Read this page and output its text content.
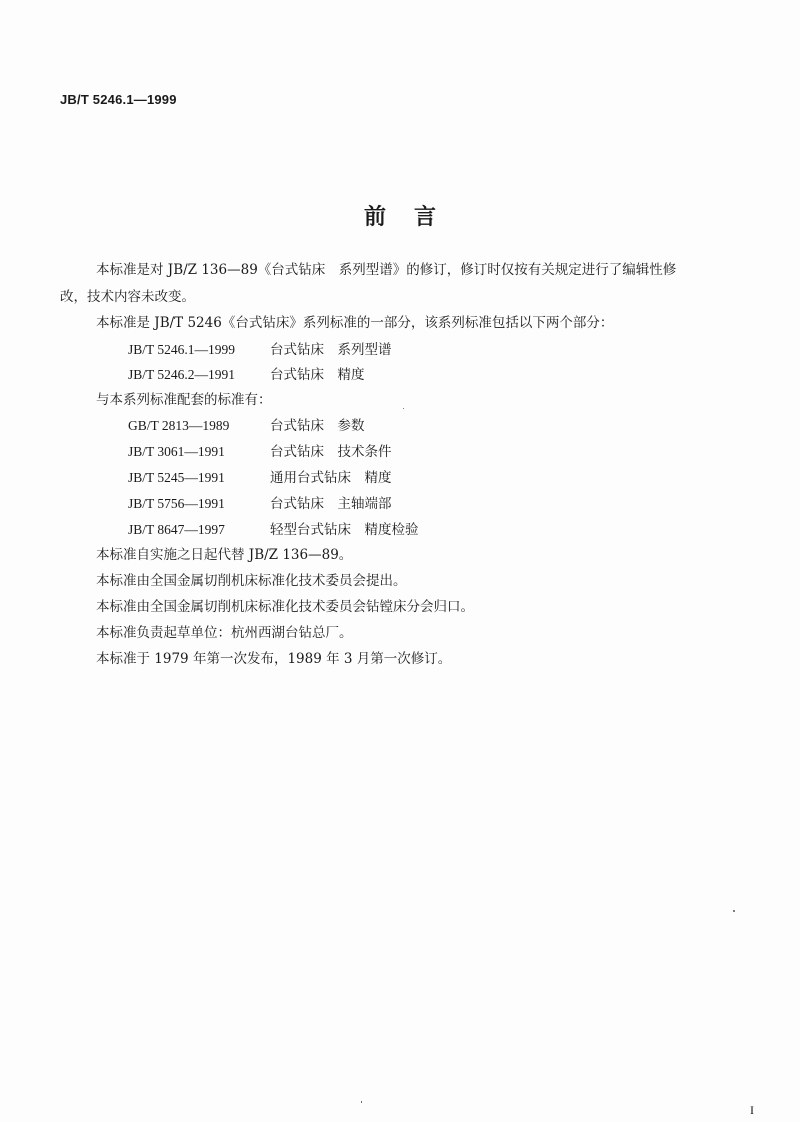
JB/T 5246.1—1999
前言
本标准是对 JB/Z 136—89《台式钻床　系列型谱》的修订，修订时仅按有关规定进行了编辑性修
改，技术内容未改变。
本标准是 JB/T 5246《台式钻床》系列标准的一部分，该系列标准包括以下两个部分：
JB/T 5246.1—1999	台式钻床　系列型谱
JB/T 5246.2—1991	台式钻床　精度
与本系列标准配套的标准有：
GB/T 2813—1989	台式钻床　参数
JB/T 3061—1991	台式钻床　技术条件
JB/T 5245—1991	通用台式钻床　精度
JB/T 5756—1991	台式钻床　主轴端部
JB/T 8647—1997	轻型台式钻床　精度检验
本标准自实施之日起代替 JB/Z 136—89。
本标准由全国金属切削机床标准化技术委员会提出。
本标准由全国金属切削机床标准化技术委员会钻镗床分会归口。
本标准负责起草单位：杭州西湖台钻总厂。
本标准于 1979 年第一次发布，1989 年 3 月第一次修订。
I
